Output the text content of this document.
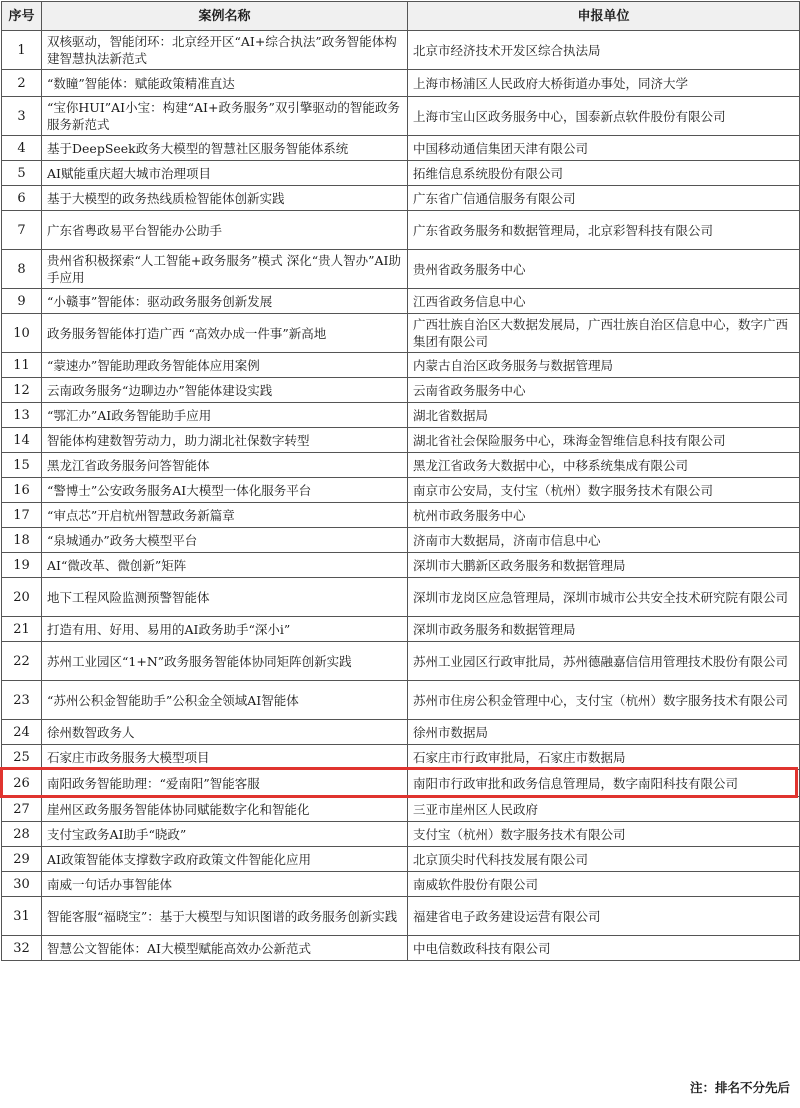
序号	案例名称	申报单位
1	双核驱动，智能闭环：北京经开区“AI+综合执法”政务智能体构建智慧执法新范式	北京市经济技术开发区综合执法局
2	“数瞳”智能体：赋能政策精准直达	上海市杨浦区人民政府大桥街道办事处，同济大学
3	“宝你HUI”AI小宝：构建“AI+政务服务”双引擎驱动的智能政务服务新范式	上海市宝山区政务服务中心，国泰新点软件股份有限公司
4	基于DeepSeek政务大模型的智慧社区服务智能体系统	中国移动通信集团天津有限公司
5	AI赋能重庆超大城市治理项目	拓维信息系统股份有限公司
6	基于大模型的政务热线质检智能体创新实践	广东省广信通信服务有限公司
7	广东省粤政易平台智能办公助手	广东省政务服务和数据管理局，北京彩智科技有限公司
8	贵州省积极探索“人工智能+政务服务”模式 深化“贵人智办”AI助手应用	贵州省政务服务中心
9	“小赣事”智能体：驱动政务服务创新发展	江西省政务信息中心
10	政务服务智能体打造广西 “高效办成一件事”新高地	广西壮族自治区大数据发展局，广西壮族自治区信息中心，数字广西集团有限公司
11	“蒙速办”智能助理政务智能体应用案例	内蒙古自治区政务服务与数据管理局
12	云南政务服务“边聊边办”智能体建设实践	云南省政务服务中心
13	“鄂汇办”AI政务智能助手应用	湖北省数据局
14	智能体构建数智劳动力，助力湖北社保数字转型	湖北省社会保险服务中心，珠海金智维信息科技有限公司
15	黑龙江省政务服务问答智能体	黑龙江省政务大数据中心，中移系统集成有限公司
16	“警博士”公安政务服务AI大模型一体化服务平台	南京市公安局，支付宝（杭州）数字服务技术有限公司
17	“审点芯”开启杭州智慧政务新篇章	杭州市政务服务中心
18	“泉城通办”政务大模型平台	济南市大数据局，济南市信息中心
19	AI“微改革、微创新”矩阵	深圳市大鹏新区政务服务和数据管理局
20	地下工程风险监测预警智能体	深圳市龙岗区应急管理局，深圳市城市公共安全技术研究院有限公司
21	打造有用、好用、易用的AI政务助手“深小i”	深圳市政务服务和数据管理局
22	苏州工业园区“1+N”政务服务智能体协同矩阵创新实践	苏州工业园区行政审批局，苏州德融嘉信信用管理技术股份有限公司
23	“苏州公积金智能助手”公积金全领域AI智能体	苏州市住房公积金管理中心，支付宝（杭州）数字服务技术有限公司
24	徐州数智政务人	徐州市数据局
25	石家庄市政务服务大模型项目	石家庄市行政审批局，石家庄市数据局
26	南阳政务智能助理：“爱南阳”智能客服	南阳市行政审批和政务信息管理局，数字南阳科技有限公司
27	崖州区政务服务智能体协同赋能数字化和智能化	三亚市崖州区人民政府
28	支付宝政务AI助手“晓政”	支付宝（杭州）数字服务技术有限公司
29	AI政策智能体支撑数字政府政策文件智能化应用	北京顶尖时代科技发展有限公司
30	南威一句话办事智能体	南威软件股份有限公司
31	智能客服“福晓宝”：基于大模型与知识图谱的政务服务创新实践	福建省电子政务建设运营有限公司
32	智慧公文智能体：AI大模型赋能高效办公新范式	中电信数政科技有限公司
注：排名不分先后
